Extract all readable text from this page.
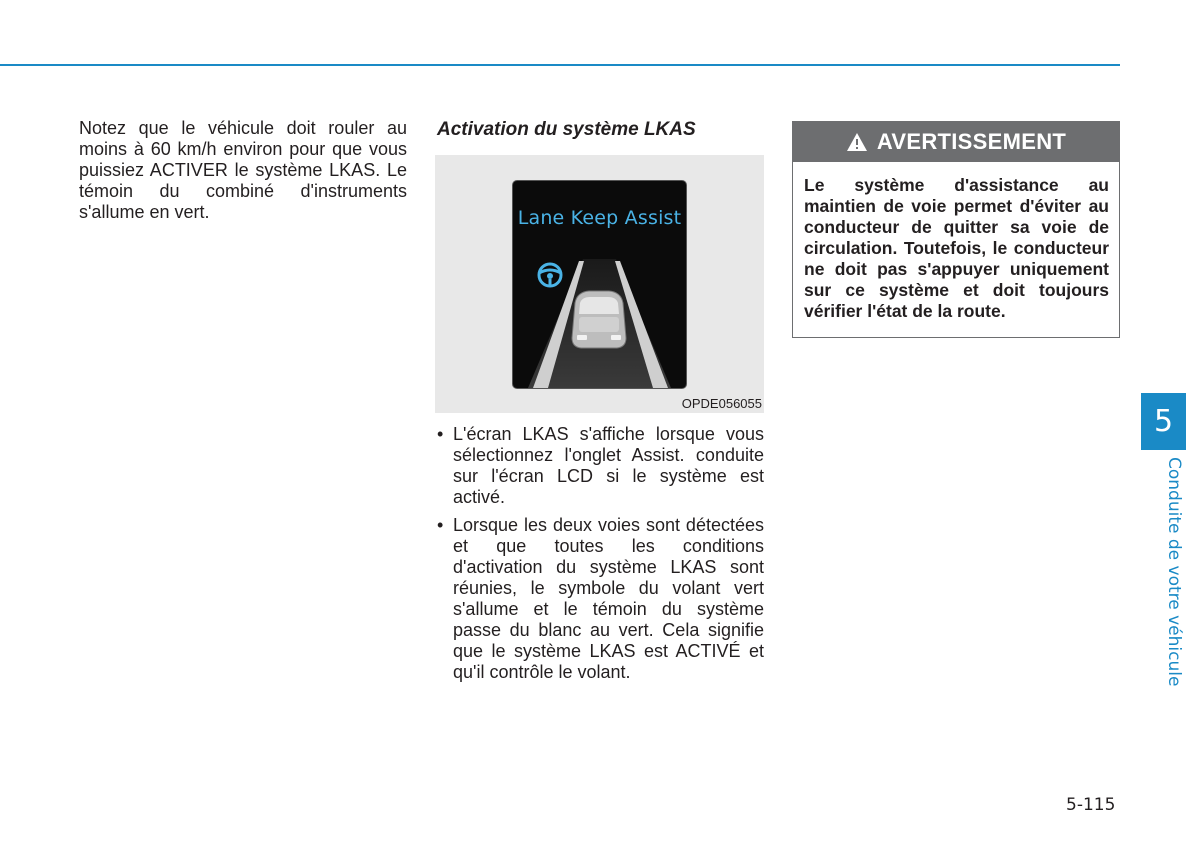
Notez que le véhicule doit rouler au moins à 60 km/h environ pour que vous puissiez ACTIVER le système LKAS. Le témoin du combiné d'instruments s'allume en vert.

Activation du système LKAS
Lane Keep Assist
OPDE056055
• L'écran LKAS s'affiche lorsque vous sélectionnez l'onglet Assist. conduite sur l'écran LCD si le système est activé.
• Lorsque les deux voies sont détectées et que toutes les conditions d'activation du système LKAS sont réunies, le symbole du volant vert s'allume et le témoin du système passe du blanc au vert. Cela signifie que le système LKAS est ACTIVÉ et qu'il contrôle le volant.
AVERTISSEMENT

Le système d'assistance au maintien de voie permet d'éviter au conducteur de quitter sa voie de circulation. Toutefois, le conducteur ne doit pas s'appuyer uniquement sur ce système et doit toujours vérifier l'état de la route.

5
Conduite de votre véhicule
5-115
